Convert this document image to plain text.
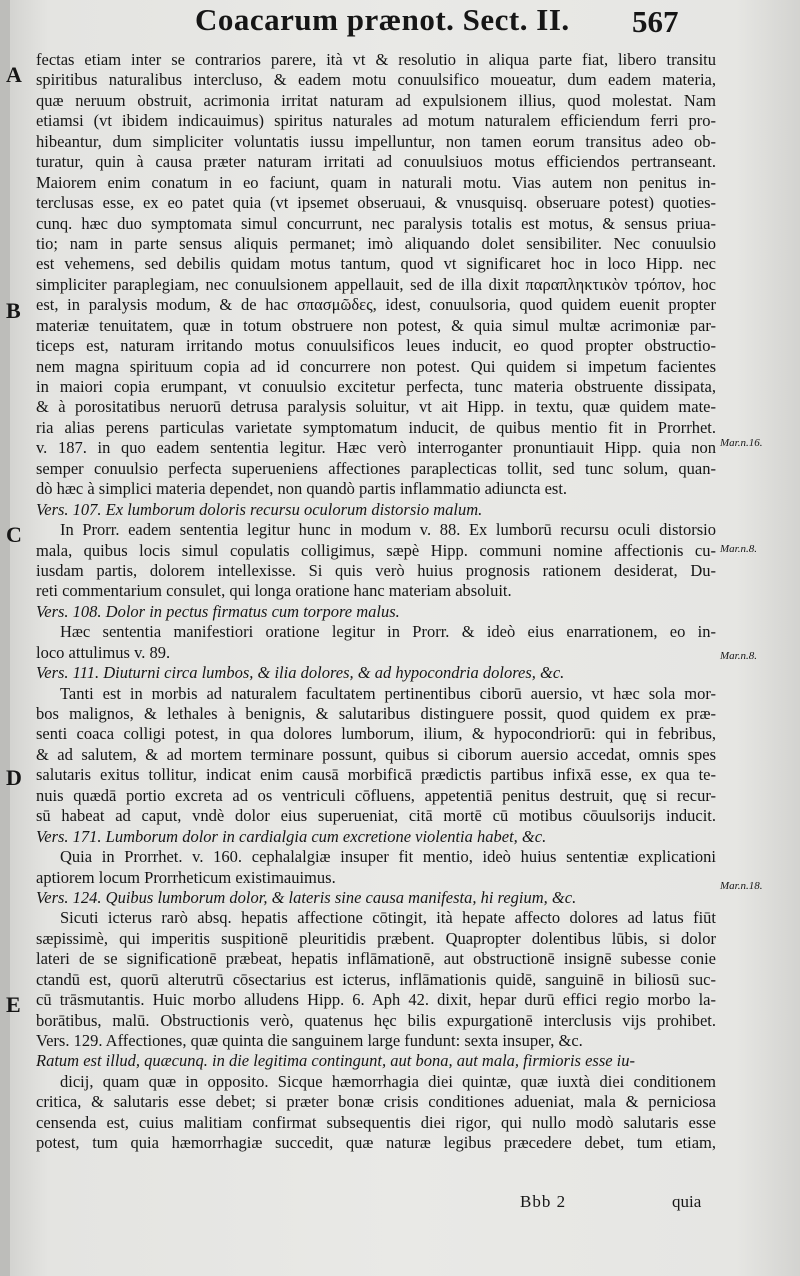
Coacarum prænot. Sect. II. 567
A
B
C
D
E
Mar.n.16.
Mar.n.8.
Mar.n.8.
Mar.n.18.
fectas etiam inter se contrarios parere, ità vt & resolutio in aliqua parte fiat, libero transitu
spiritibus naturalibus intercluso, & eadem motu conuulsifico moueatur, dum eadem materia,
quæ neruum obstruit, acrimonia irritat naturam ad expulsionem illius, quod molestat. Nam
etiamsi (vt ibidem indicauimus) spiritus naturales ad motum naturalem efficiendum ferri pro-
hibeantur, dum simpliciter voluntatis iussu impelluntur, non tamen eorum transitus adeo ob-
turatur, quin à causa præter naturam irritati ad conuulsiuos motus efficiendos pertranseant.
Maiorem enim conatum in eo faciunt, quam in naturali motu. Vias autem non penitus in-
terclusas esse, ex eo patet quia (vt ipsemet obseruaui, & vnusquisq. obseruare potest) quoties-
cunq. hæc duo symptomata simul concurrunt, nec paralysis totalis est motus, & sensus priua-
tio; nam in parte sensus aliquis permanet; imò aliquando dolet sensibiliter. Nec conuulsio
est vehemens, sed debilis quidam motus tantum, quod vt significaret hoc in loco Hipp. nec
simpliciter paraplegiam, nec conuulsionem appellauit, sed de illa dixit παραπληκτικὸν τρόπον, hoc
est, in paralysis modum, & de hac σπασμῶδες, idest, conuulsoria, quod quidem euenit propter
materiæ tenuitatem, quæ in totum obstruere non potest, & quia simul multæ acrimoniæ par-
ticeps est, naturam irritando motus conuulsificos leues inducit, eo quod propter obstructio-
nem magna spirituum copia ad id concurrere non potest. Qui quidem si impetum facientes
in maiori copia erumpant, vt conuulsio excitetur perfecta, tunc materia obstruente dissipata,
& à porositatibus neruorū detrusa paralysis soluitur, vt ait Hipp. in textu, quæ quidem mate-
ria alias perens particulas varietate symptomatum inducit, de quibus mentio fit in Prorrhet.
v. 187. in quo eadem sententia legitur. Hæc verò interroganter pronuntiauit Hipp. quia non
semper conuulsio perfecta superueniens affectiones paraplecticas tollit, sed tunc solum, quan-
dò hæc à simplici materia dependet, non quandò partis inflammatio adiuncta est.
Vers. 107. Ex lumborum doloris recursu oculorum distorsio malum.
In Prorr. eadem sententia legitur hunc in modum v. 88. Ex lumborū recursu oculi distorsio
mala, quibus locis simul copulatis colligimus, sæpè Hipp. communi nomine affectionis cu-
iusdam partis, dolorem intellexisse. Si quis verò huius prognosis rationem desiderat, Du-
reti commentarium consulet, qui longa oratione hanc materiam absoluit.
Vers. 108. Dolor in pectus firmatus cum torpore malus.
Hæc sententia manifestiori oratione legitur in Prorr. & ideò eius enarrationem, eo in-
loco attulimus v. 89.
Vers. 111. Diuturni circa lumbos, & ilia dolores, & ad hypocondria dolores, &c.
Tanti est in morbis ad naturalem facultatem pertinentibus ciborū auersio, vt hæc sola mor-
bos malignos, & lethales à benignis, & salutaribus distinguere possit, quod quidem ex præ-
senti coaca colligi potest, in qua dolores lumborum, ilium, & hypocondriorū: qui in febribus,
& ad salutem, & ad mortem terminare possunt, quibus si ciborum auersio accedat, omnis spes
salutaris exitus tollitur, indicat enim causā morbificā prædictis partibus infixā esse, ex qua te-
nuis quædā portio excreta ad os ventriculi cōfluens, appetentiā penitus destruit, quę si recur-
sū habeat ad caput, vndè dolor eius superueniat, citā mortē cū motibus cōuulsorijs inducit.
Vers. 171. Lumborum dolor in cardialgia cum excretione violentia habet, &c.
Quia in Prorrhet. v. 160. cephalalgiæ insuper fit mentio, ideò huius sententiæ explicationi
aptiorem locum Prorrheticum existimauimus.
Vers. 124. Quibus lumborum dolor, & lateris sine causa manifesta, hi regium, &c.
Sicuti icterus rarò absq. hepatis affectione cōtingit, ità hepate affecto dolores ad latus fiūt
sæpissimè, qui imperitis suspitionē pleuritidis præbent. Quapropter dolentibus lūbis, si dolor
lateri de se significationē præbeat, hepatis inflāmationē, aut obstructionē insignē subesse conie
ctandū est, quorū alterutrū cōsectarius est icterus, inflāmationis quidē, sanguinē in biliosū suc-
cū trāsmutantis. Huic morbo alludens Hipp. 6. Aph 42. dixit, hepar durū effici regio morbo la-
borātibus, malū. Obstructionis verò, quatenus hęc bilis expurgationē interclusis vijs prohibet.
Vers. 129. Affectiones, quæ quinta die sanguinem large fundunt: sexta insuper, &c.
Ratum est illud, quæcunq. in die legitima contingunt, aut bona, aut mala, firmioris esse iu-
dicij, quam quæ in opposito. Sicque hæmorrhagia diei quintæ, quæ iuxtà diei conditionem
critica, & salutaris esse debet; si præter bonæ crisis conditiones adueniat, mala & perniciosa
censenda est, cuius malitiam confirmat subsequentis diei rigor, qui nullo modò salutaris esse
potest, tum quia hæmorrhagiæ succedit, quæ naturæ legibus præcedere debet, tum etiam,
Bbb 2	quia
